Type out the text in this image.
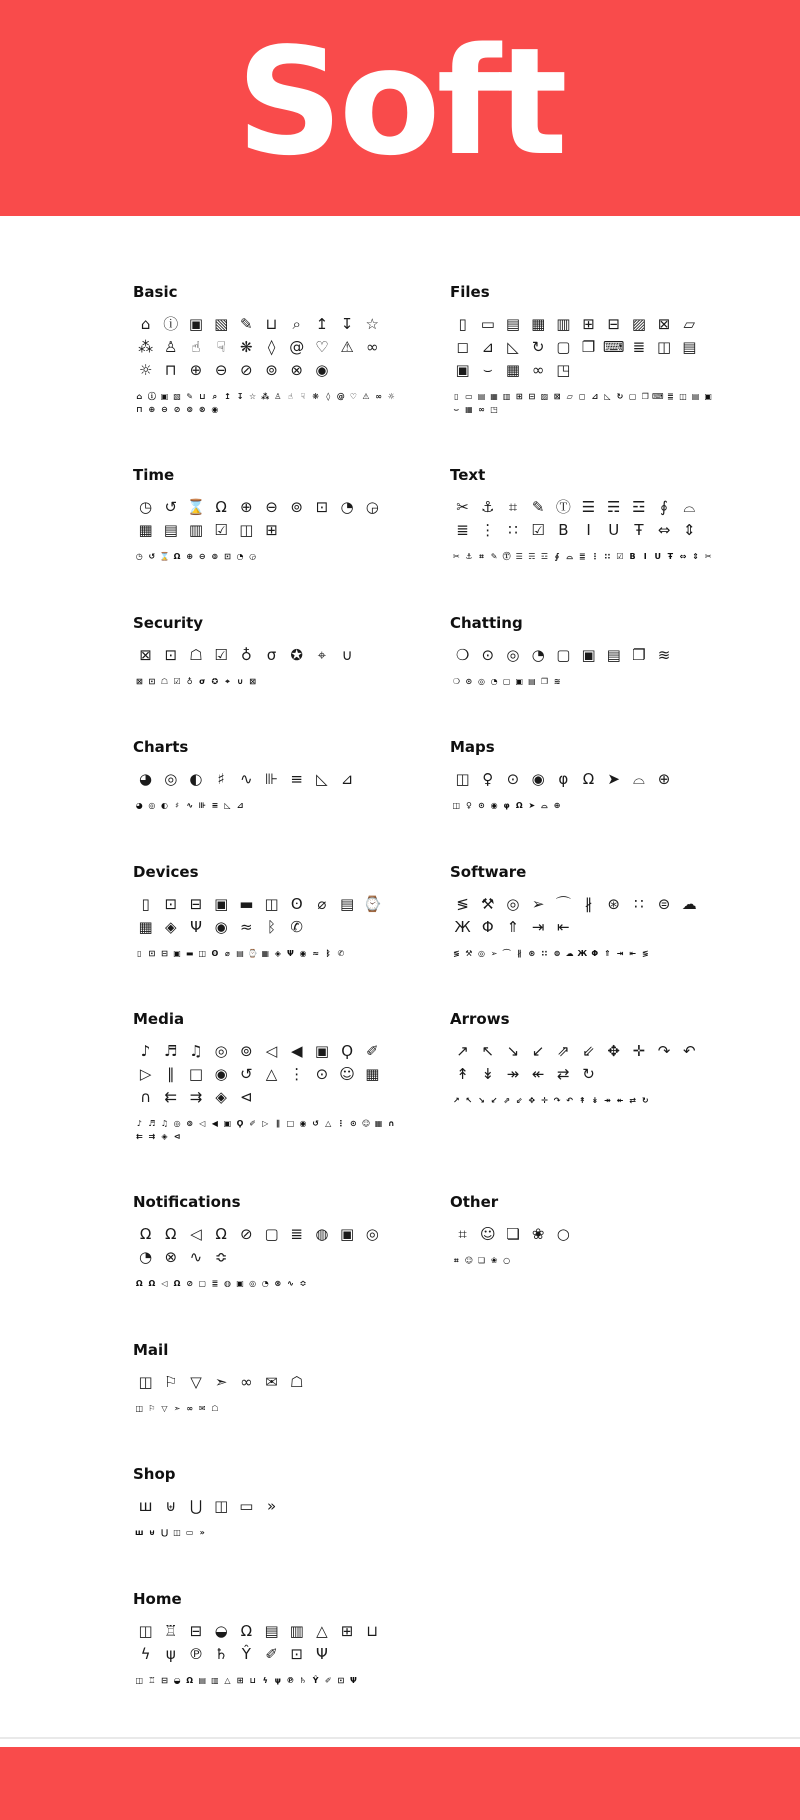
Soft
Basic
⌂ ⓘ ▣ ▧ ✎ ⊔	⌕ ↥ ↧ ☆
⁂ ♙ ☝	☟ ❋	◊ @ ♡ ⚠ ∞
☼ ⊓ ⊕ ⊖ ⊘ ⊚ ⊗ ◉
⌂ ⓘ ▣ ▧ ✎ ⊔ ⌕ ↥ ↧ ☆ ⁂ ♙ ☝ ☟ ❋ ◊ @ ♡ ⚠ ∞ ☼
⊓ ⊕ ⊖ ⊘ ⊚ ⊗ ◉
Files
▯ ▭ ▤ ▦ ▥ ⊞ ⊟ ▨ ⊠ ▱
◻ ⊿ ◺ ↻ ▢ ❐ ⌨ ≣ ◫ ▤
▣ ⌣ ▦ ∞ ◳
▯ ▭ ▤ ▦ ▥ ⊞ ⊟ ▨ ⊠ ▱ ◻ ⊿ ◺ ↻ ▢ ❐ ⌨ ≣ ◫ ▤ ▣
⌣ ▦ ∞ ◳
Time
◷ ↺ ⌛ Ω ⊕ ⊖ ⊚ ⊡ ◔ ◶
▦ ▤ ▥ ☑ ◫ ⊞
◷ ↺ ⌛ Ω ⊕ ⊖ ⊚ ⊡ ◔ ◶
Text
✂ ⚓ ⌗ ✎ Ⓣ ☰ ☴ ☲ ∮	⌓
≣ ⋮ ∷ ☑ B	I	U	Ŧ ⇔ ⇕
✂ ⚓ ⌗ ✎ Ⓣ ☰ ☴ ☲ ∮ ⌓ ≣ ⋮ ∷ ☑ B	I U Ŧ ⇔ ⇕ ✂
Security
⊠ ⊡ ☖ ☑ ♁ σ ✪ ⌖	∪
⊠ ⊡ ☖ ☑ ♁ σ ✪ ⌖ ∪ ⊠
Chatting
❍ ⊙ ◎ ◔ ▢ ▣ ▤ ❐ ≋
❍ ⊙ ◎ ◔ ▢ ▣ ▤ ❐ ≋
Charts
◕ ◎ ◐	♯	∿ ⊪ ≡ ◺ ⊿
◕ ◎ ◐ ♯ ∿ ⊪ ≡ ◺ ⊿
Maps
◫ ♀ ⊙ ◉ φ Ω ➤ ⌓ ⊕
◫ ♀ ⊙ ◉ φ Ω ➤ ⌓ ⊕
Devices
▯ ⊡ ⊟ ▣ ▬ ◫ ʘ ⌀ ▤ ⌚
▦ ◈ Ψ ◉ ≈ ᛒ ✆
▯ ⊡ ⊟ ▣ ▬ ◫ ʘ ⌀ ▤ ⌚ ▦ ◈ Ψ ◉ ≈ ᛒ ✆
Software
≶ ⚒ ◎ ➢ ⌒ ∦	⊛ ∷ ⊜ ☁
Ж Φ ⇑ ⇥ ⇤
≶ ⚒ ◎ ➢ ⌒ ∦ ⊛ ∷ ⊜ ☁ Ж Φ ⇑ ⇥ ⇤ ≶
Media
♪ ♬ ♫ ◎ ⊚ ◁ ◀ ▣ Ϙ ✐
▷	∥ □ ◉ ↺ △ ⋮ ⊙ ☺ ▦
∩ ⇇ ⇉ ◈ ⊲
♪ ♬ ♫ ◎ ⊚ ◁ ◀ ▣ Ϙ ✐ ▷ ∥ □ ◉ ↺ △ ⋮ ⊙ ☺ ▦ ∩
⇇ ⇉ ◈ ⊲
Arrows
↗ ↖ ↘ ↙ ⇗ ⇙ ✥ ✛ ↷ ↶
↟ ↡ ↠ ↞ ⇄ ↻
↗ ↖ ↘ ↙ ⇗ ⇙ ✥ ✛ ↷ ↶ ↟ ↡ ↠ ↞ ⇄ ↻
Notifications
Ω Ω ◁ Ω ⊘ ▢ ≣ ◍ ▣ ◎
◔ ⊗ ∿ ≎
Ω Ω ◁ Ω ⊘ ▢ ≣ ◍ ▣ ◎ ◔ ⊗ ∿ ≎
Other
⌗ ☺ ❏ ❀ ○
⌗ ☺ ❏ ❀ ○
Mail
◫ ⚐ ▽ ➣ ∞ ✉ ☖
◫ ⚐ ▽ ➣ ∞ ✉ ☖
Shop
ш ⊎ ⋃ ◫ ▭ »
ш ⊎ ⋃ ◫ ▭ »
Home
◫ ♖ ⊟ ◒ Ω ▤ ▥ △ ⊞ ⊔
ϟ	ψ ℗ ♄ Ŷ ✐ ⊡ Ψ
◫ ♖ ⊟ ◒ Ω ▤ ▥ △ ⊞ ⊔ ϟ ψ ℗ ♄ Ŷ ✐ ⊡ Ψ
